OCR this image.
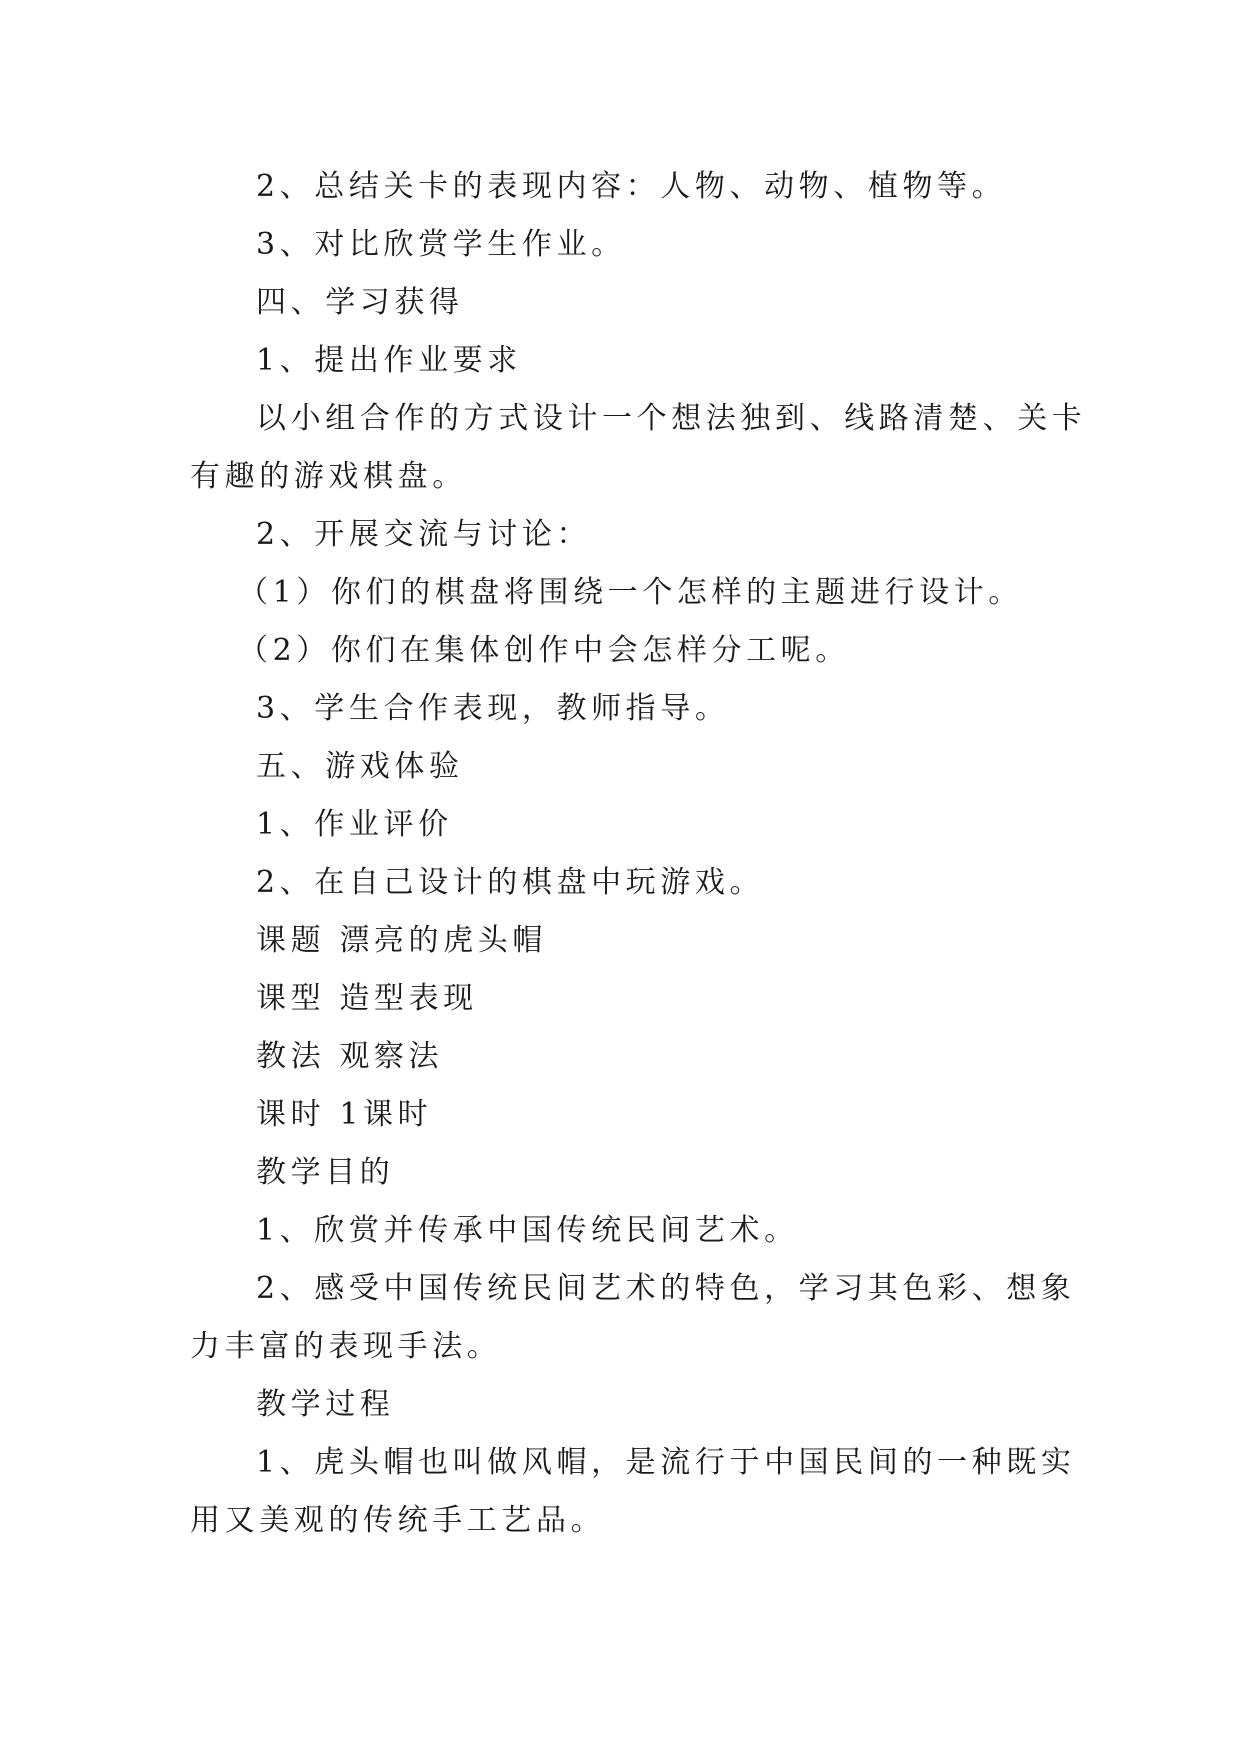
2、总结关卡的表现内容：人物、动物、植物等。
3、对比欣赏学生作业。
四、学习获得
1、提出作业要求
以小组合作的方式设计一个想法独到、线路清楚、关卡
有趣的游戏棋盘。
2、开展交流与讨论：
（1）你们的棋盘将围绕一个怎样的主题进行设计。
（2）你们在集体创作中会怎样分工呢。
3、学生合作表现，教师指导。
五、游戏体验
1、作业评价
2、在自己设计的棋盘中玩游戏。
课题 漂亮的虎头帽
课型 造型表现
教法 观察法
课时 1课时
教学目的
1、欣赏并传承中国传统民间艺术。
2、感受中国传统民间艺术的特色，学习其色彩、想象
力丰富的表现手法。
教学过程
1、虎头帽也叫做风帽，是流行于中国民间的一种既实
用又美观的传统手工艺品。
